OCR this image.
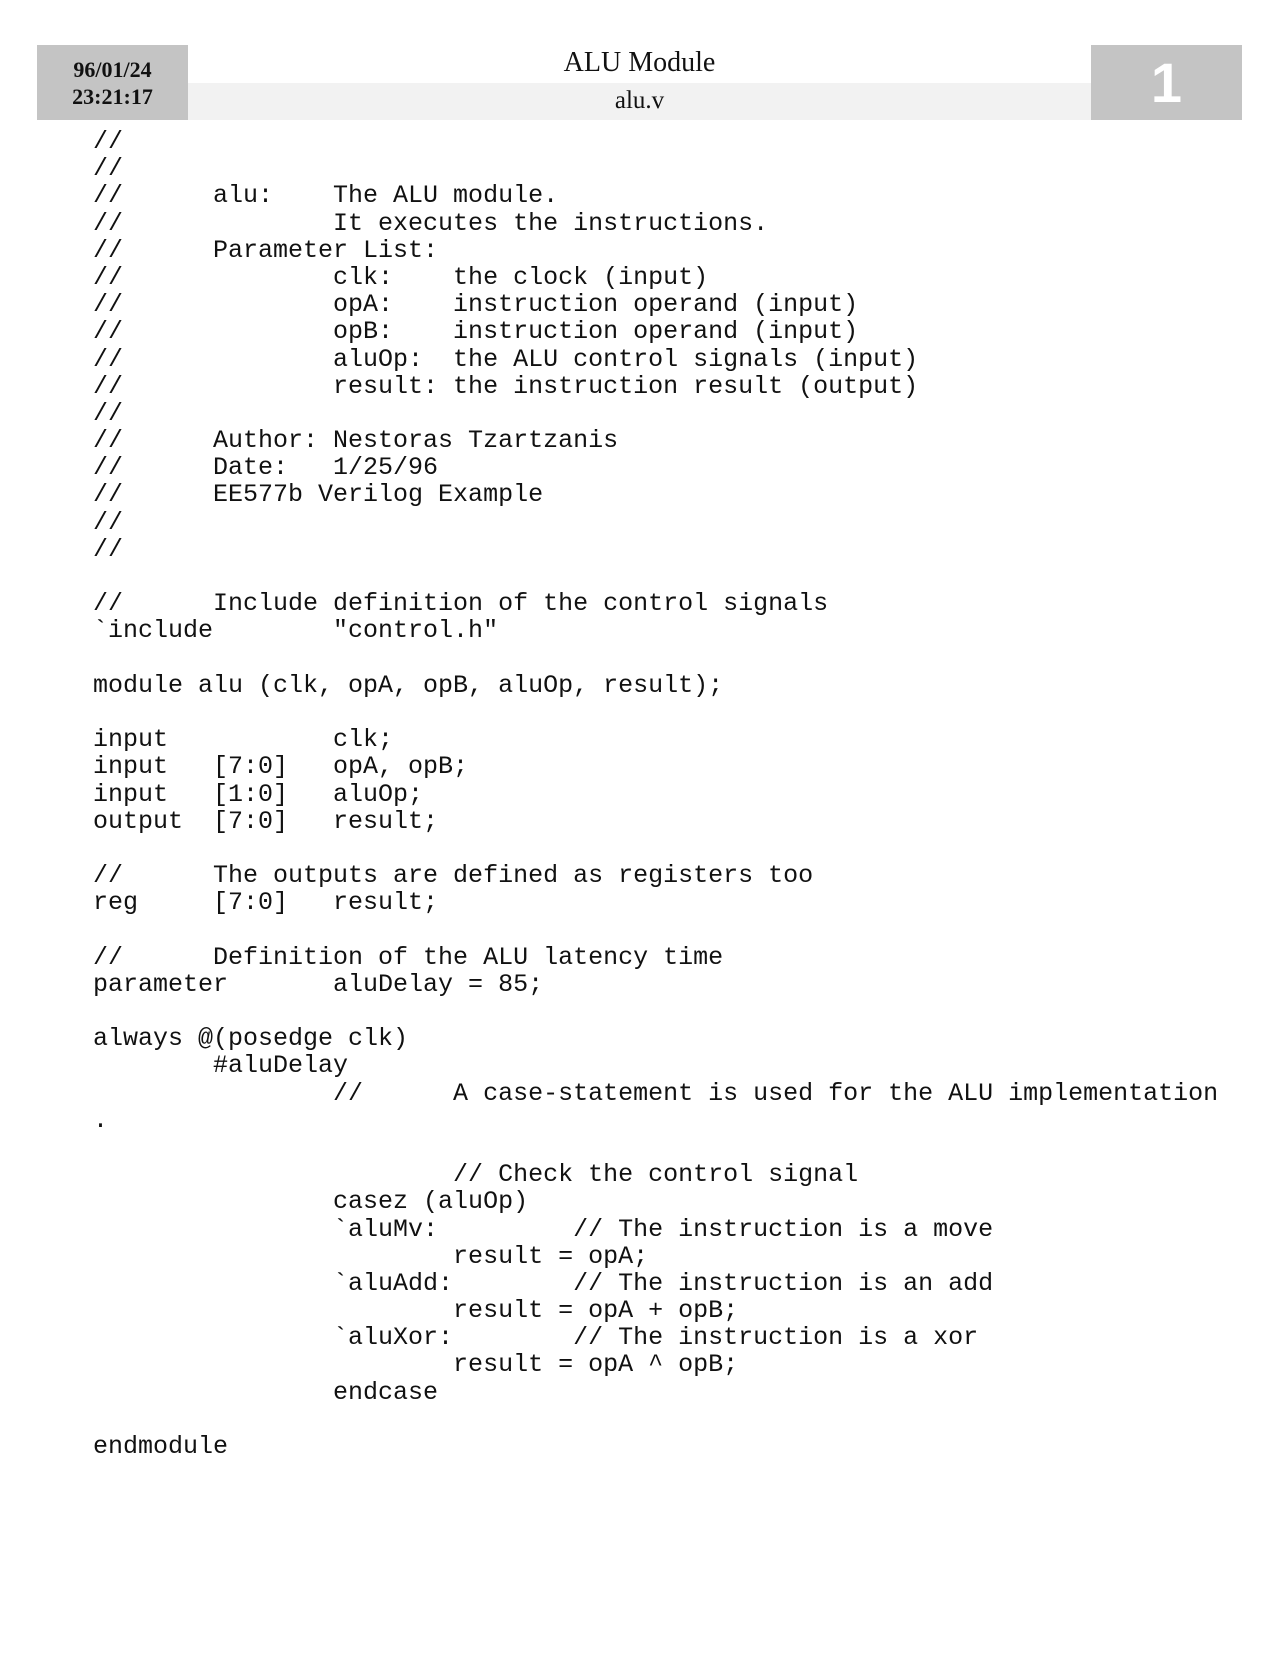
96/01/24
23:21:17
ALU Module
alu.v	1
//
//
//      alu:    The ALU module.
//              It executes the instructions.
//      Parameter List:
//              clk:    the clock (input)
//              opA:    instruction operand (input)
//              opB:    instruction operand (input)
//              aluOp:  the ALU control signals (input)
//              result: the instruction result (output)
//
//      Author: Nestoras Tzartzanis
//      Date:   1/25/96
//      EE577b Verilog Example
//
//
//      Include definition of the control signals
`include        "control.h"
module alu (clk, opA, opB, aluOp, result);
input           clk;
input   [7:0]   opA, opB;
input   [1:0]   aluOp;
output  [7:0]   result;
//      The outputs are defined as registers too
reg     [7:0]   result;
//      Definition of the ALU latency time
parameter       aluDelay = 85;
always @(posedge clk)
#aluDelay
//      A case-statement is used for the ALU implementation
.
// Check the control signal
casez (aluOp)
`aluMv:         // The instruction is a move
result = opA;
`aluAdd:        // The instruction is an add
result = opA + opB;
`aluXor:        // The instruction is a xor
result = opA ^ opB;
endcase
endmodule
